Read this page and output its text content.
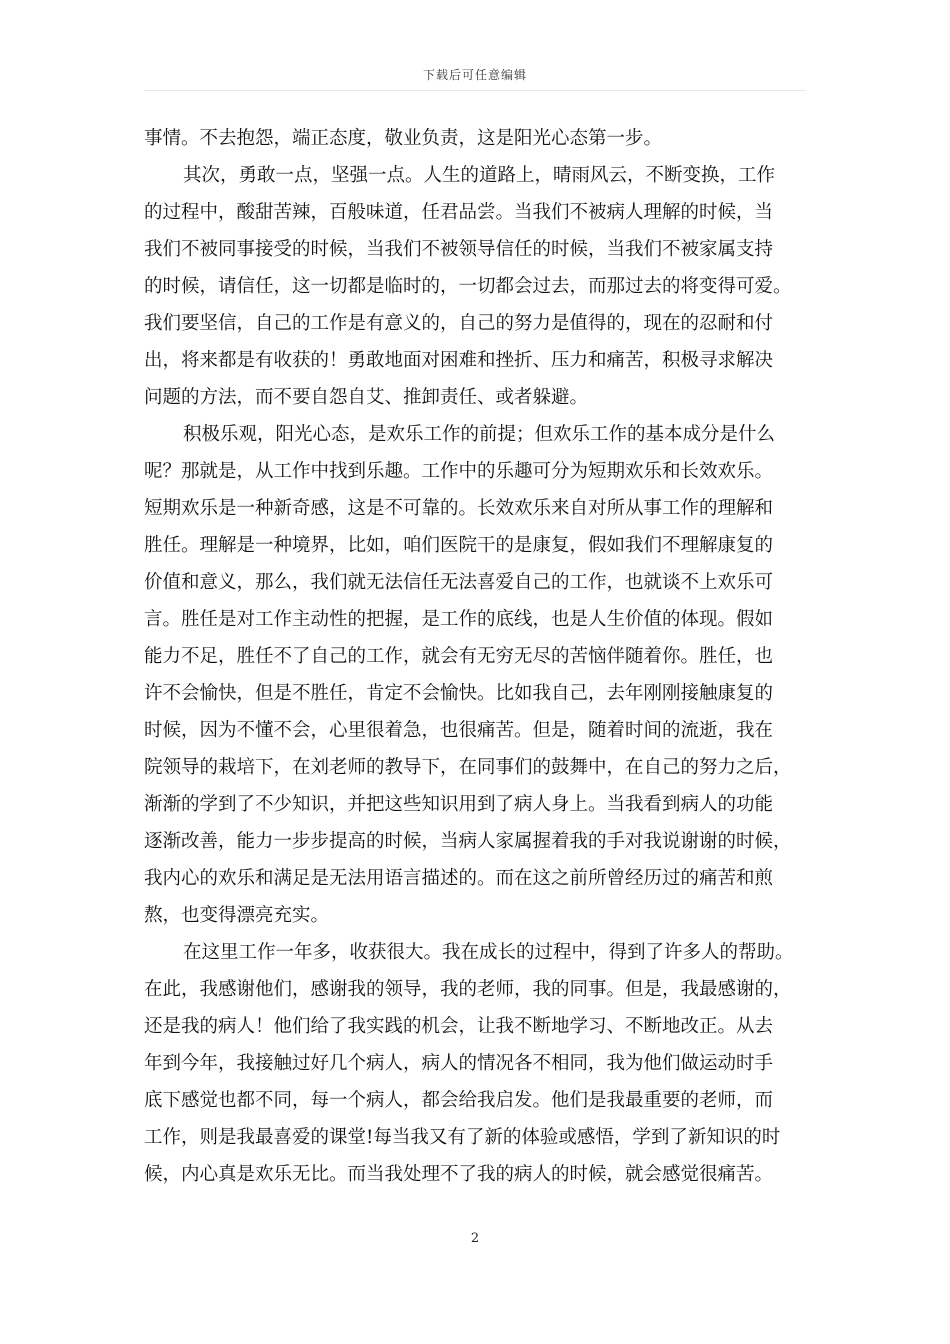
下载后可任意编辑
事情。不去抱怨，端正态度，敬业负责，这是阳光心态第一步。
其次，勇敢一点，坚强一点。人生的道路上，晴雨风云，不断变换，工作
的过程中，酸甜苦辣，百般味道，任君品尝。当我们不被病人理解的时候，当
我们不被同事接受的时候，当我们不被领导信任的时候，当我们不被家属支持
的时候，请信任，这一切都是临时的，一切都会过去，而那过去的将变得可爱。
我们要坚信，自己的工作是有意义的，自己的努力是值得的，现在的忍耐和付
出，将来都是有收获的！勇敢地面对困难和挫折、压力和痛苦，积极寻求解决
问题的方法，而不要自怨自艾、推卸责任、或者躲避。
积极乐观，阳光心态，是欢乐工作的前提；但欢乐工作的基本成分是什么
呢？那就是，从工作中找到乐趣。工作中的乐趣可分为短期欢乐和长效欢乐。
短期欢乐是一种新奇感，这是不可靠的。长效欢乐来自对所从事工作的理解和
胜任。理解是一种境界，比如，咱们医院干的是康复，假如我们不理解康复的
价值和意义，那么，我们就无法信任无法喜爱自己的工作，也就谈不上欢乐可
言。胜任是对工作主动性的把握，是工作的底线，也是人生价值的体现。假如
能力不足，胜任不了自己的工作，就会有无穷无尽的苦恼伴随着你。胜任，也
许不会愉快，但是不胜任，肯定不会愉快。比如我自己，去年刚刚接触康复的
时候，因为不懂不会，心里很着急，也很痛苦。但是，随着时间的流逝，我在
院领导的栽培下，在刘老师的教导下，在同事们的鼓舞中，在自己的努力之后，
渐渐的学到了不少知识，并把这些知识用到了病人身上。当我看到病人的功能
逐渐改善，能力一步步提高的时候，当病人家属握着我的手对我说谢谢的时候，
我内心的欢乐和满足是无法用语言描述的。而在这之前所曾经历过的痛苦和煎
熬，也变得漂亮充实。
在这里工作一年多，收获很大。我在成长的过程中，得到了许多人的帮助。
在此，我感谢他们，感谢我的领导，我的老师，我的同事。但是，我最感谢的，
还是我的病人！他们给了我实践的机会，让我不断地学习、不断地改正。从去
年到今年，我接触过好几个病人，病人的情况各不相同，我为他们做运动时手
底下感觉也都不同，每一个病人，都会给我启发。他们是我最重要的老师，而
工作，则是我最喜爱的课堂!每当我又有了新的体验或感悟，学到了新知识的时
候，内心真是欢乐无比。而当我处理不了我的病人的时候，就会感觉很痛苦。
2
